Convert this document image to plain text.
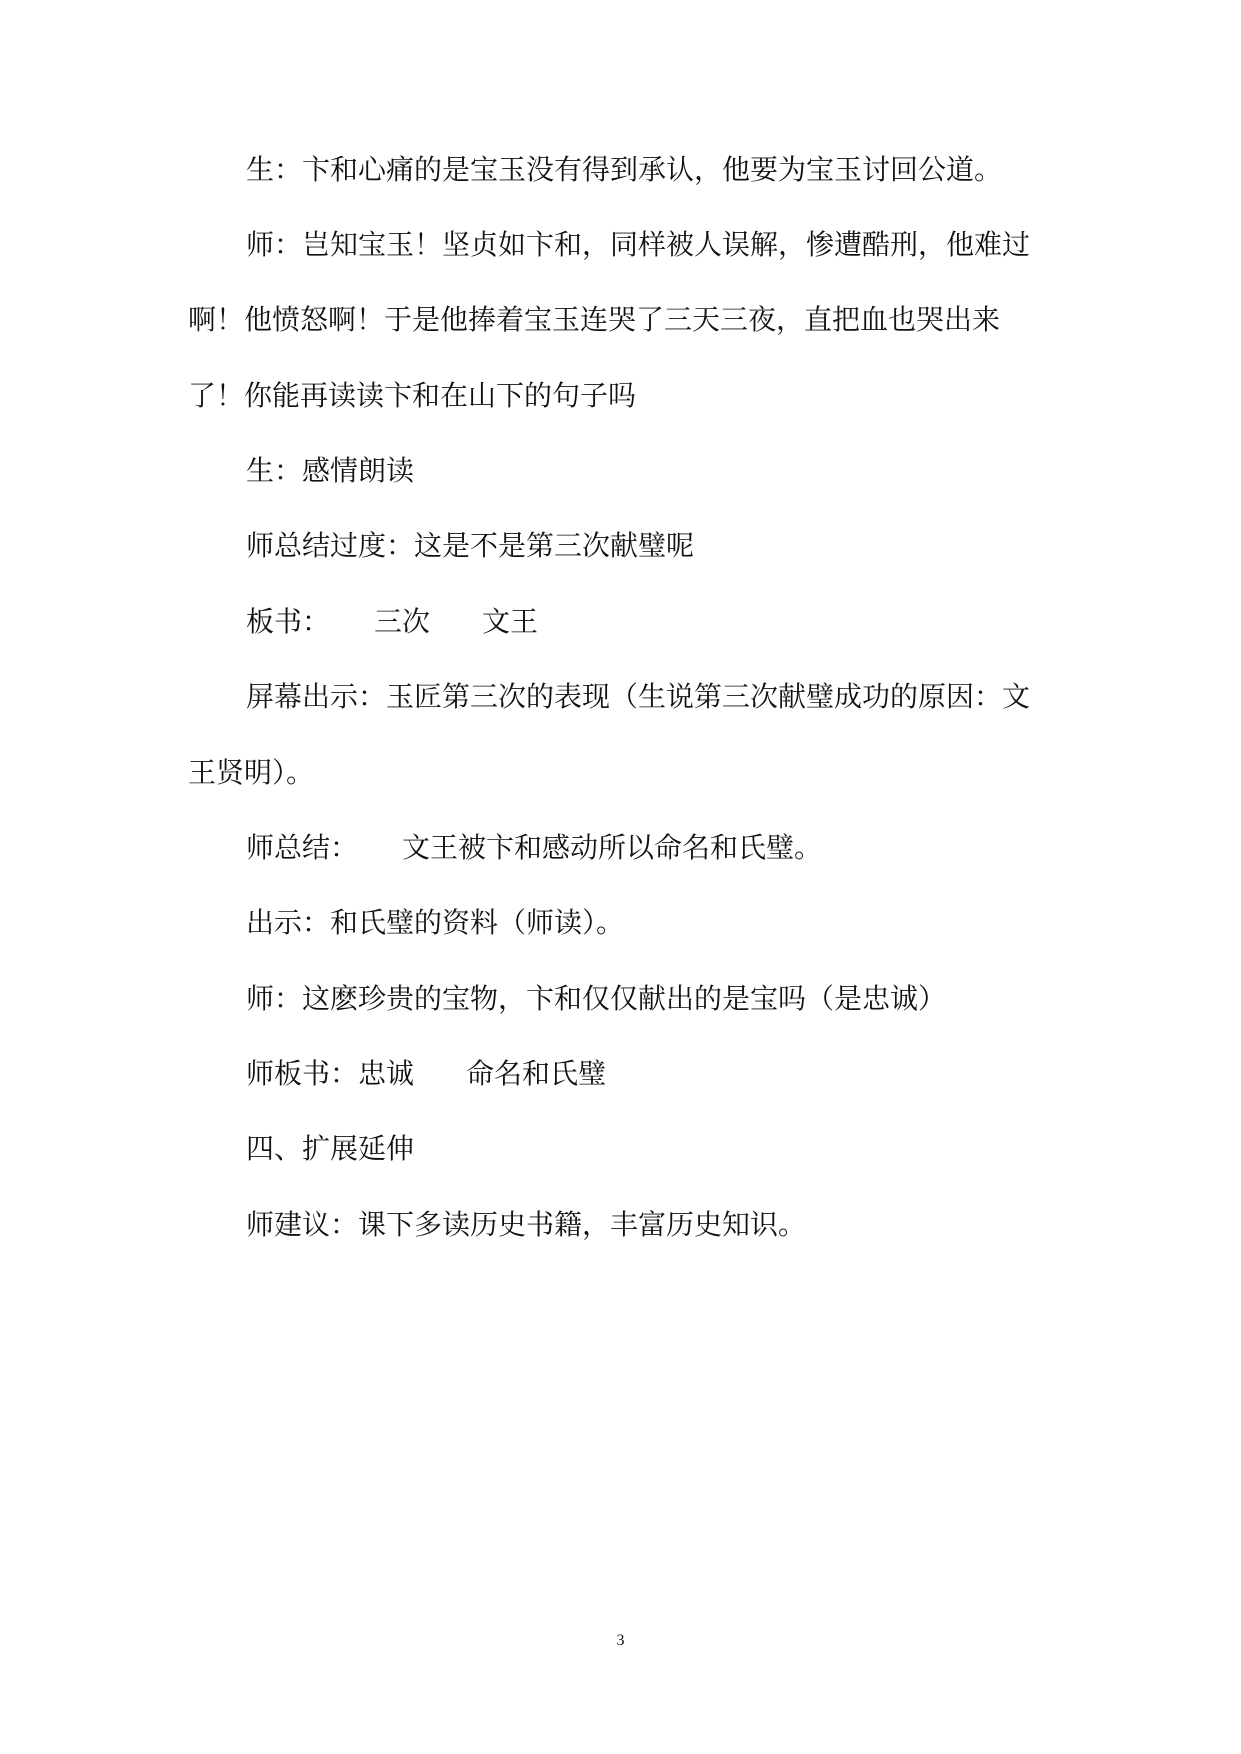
生：卞和心痛的是宝玉没有得到承认，他要为宝玉讨回公道。
师：岂知宝玉！坚贞如卞和，同样被人误解，惨遭酷刑，他难过
啊！他愤怒啊！于是他捧着宝玉连哭了三天三夜，直把血也哭出来
了！你能再读读卞和在山下的句子吗
生：感情朗读
师总结过度：这是不是第三次献璧呢
板书： 三次 文王
屏幕出示：玉匠第三次的表现（生说第三次献璧成功的原因：文
王贤明）。
师总结： 文王被卞和感动所以命名和氏璧。
出示：和氏璧的资料（师读）。
师：这麽珍贵的宝物，卞和仅仅献出的是宝吗（是忠诚）
师板书：忠诚 命名和氏璧
四、扩展延伸
师建议：课下多读历史书籍，丰富历史知识。
3
